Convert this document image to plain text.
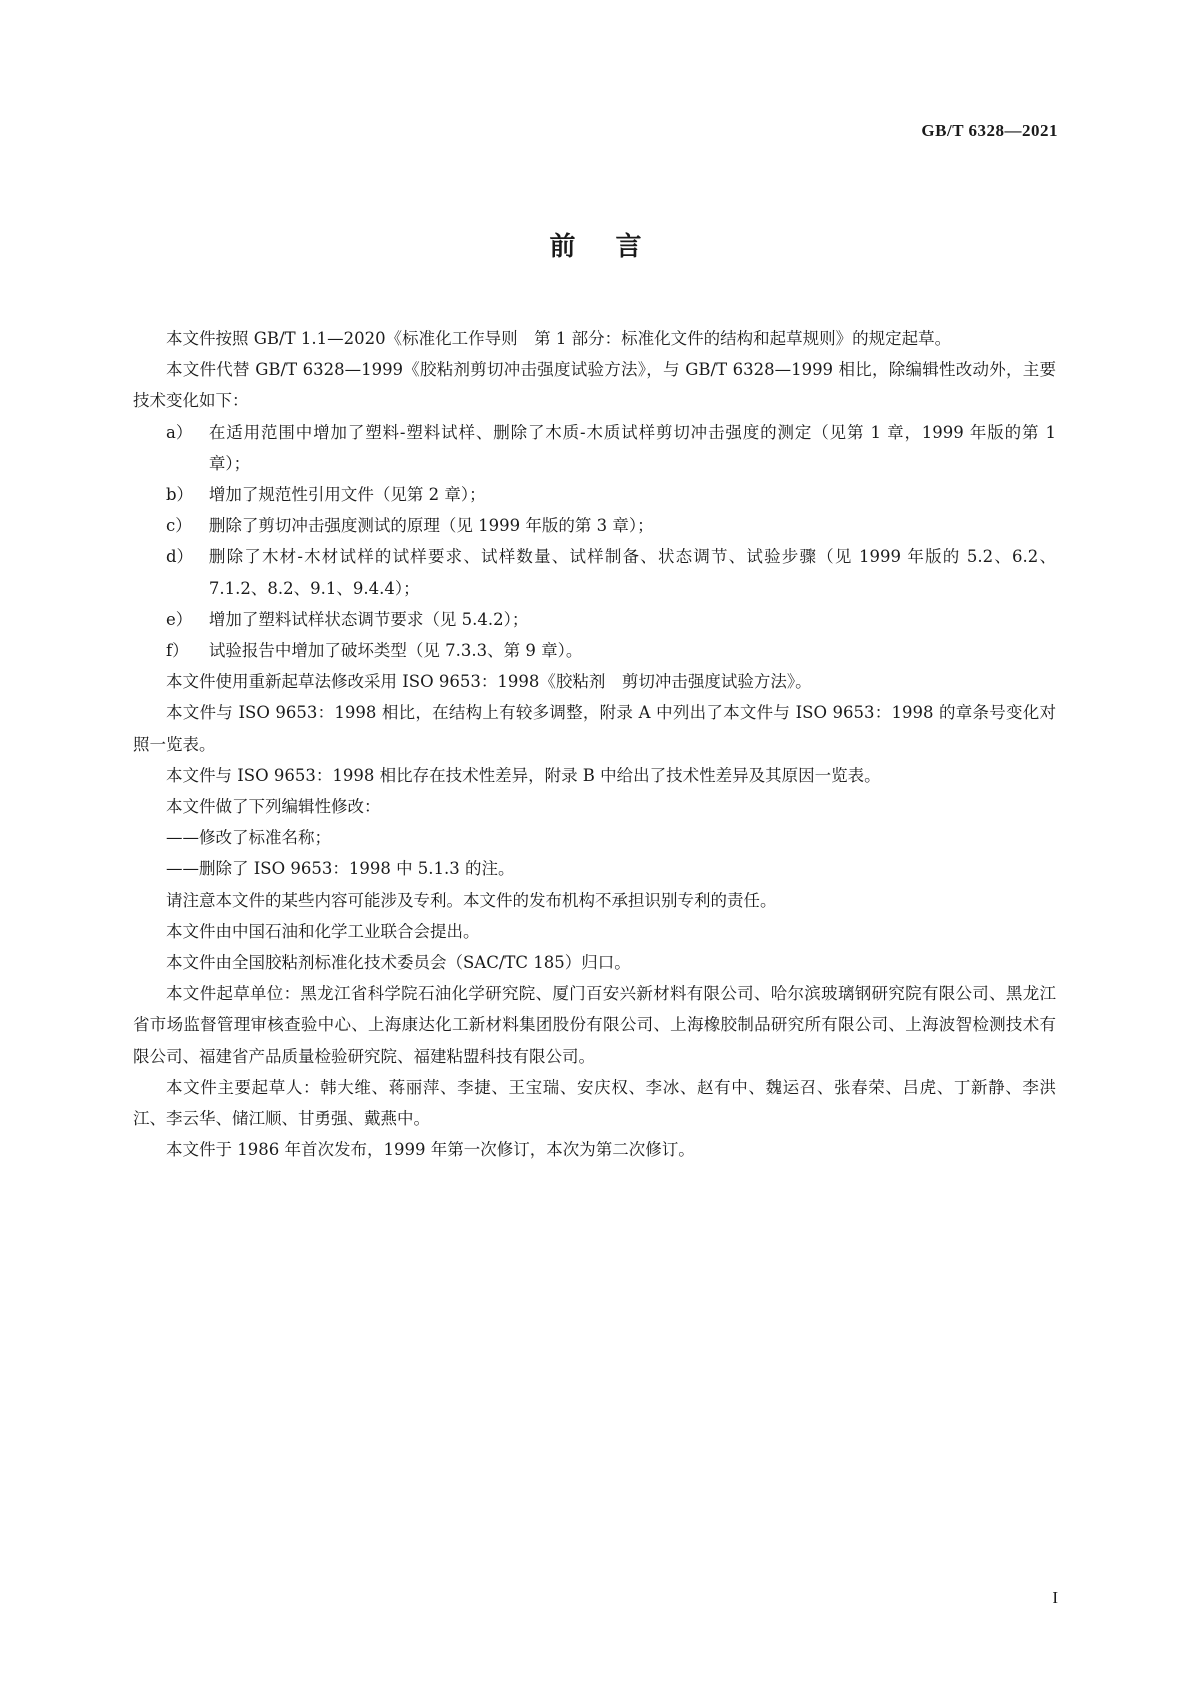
GB/T 6328—2021
前言

本文件按照 GB/T 1.1—2020《标准化工作导则　第 1 部分：标准化文件的结构和起草规则》的规定起草。

本文件代替 GB/T 6328—1999《胶粘剂剪切冲击强度试验方法》，与 GB/T 6328—1999 相比，除编辑性改动外，主要技术变化如下：

a）	在适用范围中增加了塑料-塑料试样、删除了木质-木质试样剪切冲击强度的测定（见第 1 章，1999 年版的第 1 章）；
b） 增加了规范性引用文件（见第 2 章）；
c）	删除了剪切冲击强度测试的原理（见 1999 年版的第 3 章）；
d） 删除了木材-木材试样的试样要求、试样数量、试样制备、状态调节、试验步骤（见 1999 年版的 5.2、6.2、7.1.2、8.2、9.1、9.4.4）；
e）	增加了塑料试样状态调节要求（见 5.4.2）；
f）	试验报告中增加了破坏类型（见 7.3.3、第 9 章）。

本文件使用重新起草法修改采用 ISO 9653：1998《胶粘剂　剪切冲击强度试验方法》。

本文件与 ISO 9653：1998 相比，在结构上有较多调整，附录 A 中列出了本文件与 ISO 9653：1998 的章条号变化对照一览表。

本文件与 ISO 9653：1998 相比存在技术性差异，附录 B 中给出了技术性差异及其原因一览表。

本文件做了下列编辑性修改：

——修改了标准名称；

——删除了 ISO 9653：1998 中 5.1.3 的注。

请注意本文件的某些内容可能涉及专利。本文件的发布机构不承担识别专利的责任。

本文件由中国石油和化学工业联合会提出。

本文件由全国胶粘剂标准化技术委员会（SAC/TC 185）归口。

本文件起草单位：黑龙江省科学院石油化学研究院、厦门百安兴新材料有限公司、哈尔滨玻璃钢研究院有限公司、黑龙江省市场监督管理审核查验中心、上海康达化工新材料集团股份有限公司、上海橡胶制品研究所有限公司、上海波智检测技术有限公司、福建省产品质量检验研究院、福建粘盟科技有限公司。

本文件主要起草人：韩大维、蒋丽萍、李捷、王宝瑞、安庆权、李冰、赵有中、魏运召、张春荣、吕虎、丁新静、李洪江、李云华、储江顺、甘勇强、戴燕中。

本文件于 1986 年首次发布，1999 年第一次修订，本次为第二次修订。

I
